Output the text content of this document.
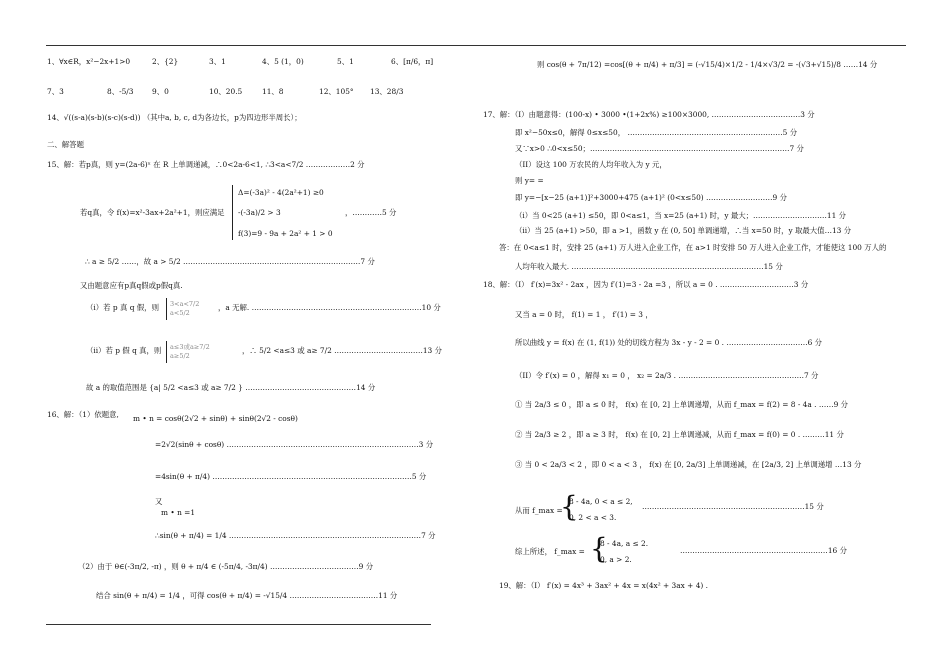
1、∀x∈R，x²−2x+1>0	2、{2}	3、1	4、5 (1，0)	5、1	6、[π/6，π]
7、3	8、-5/3	9、0	10、20.5	11、8	12、105° 13、28/3
14、√((s-a)(s-b)(s-c)(s-d)) （其中a, b, c, d为各边长，p为四边形半周长）；
二、解答题
15、解：若p真，则 y=(2a-6)ˣ 在 R 上单调递减，∴0<2a-6<1, ∴3<a<7/2 ………………2 分
若q真，令 f(x)=x²-3ax+2a²+1，则应满足
Δ=(-3a)² - 4(2a²+1) ≥0
-(-3a)/2 > 3
f(3)=9 - 9a + 2a² + 1 > 0
，…………5 分
∴ a ≥ 5/2 ……，故 a > 5/2 ………………………………………………………………7 分
又由题意应有p真q假或p假q真.
（i）若 p 真 q 假，则 3<a<7/2
a<5/2
，a 无解. ……………………………………………………………10 分
（ii）若 p 假 q 真，则 a≤3或a≥7/2
a≥5/2
，∴ 5/2 <a≤3 或 a≥ 7/2 ………………………………13 分
故 a 的取值范围是 {a| 5/2 <a≤3 或 a≥ 7/2 } ………………………………………14 分
16、解：（1）依题意, m • n = cosθ(2√2 + sinθ) + sinθ(2√2 - cosθ)
=2√2(sinθ + cosθ) ……………………………………………………………………3 分
=4sin(θ + π/4) ………………………………………………………………………5 分
又
m • n =1
∴sin(θ + π/4) = 1/4 ……………………………………………………………………7 分
（2）由于 θ∈(-3π/2, -π) ，则 θ + π/4 ∈ (-5π/4, -3π/4) ………………………………9 分
结合 sin(θ + π/4) = 1/4 ，可得 cos(θ + π/4) = -√15/4 ………………………………11 分
则 cos(θ + 7π/12) =cos[(θ + π/4) + π/3] = (-√15/4)×1/2 - 1/4×√3/2 = -(√3+√15)/8 ……14 分
17、解：（I）由题意得：(100-x) • 3000 •(1+2x%) ≥100×3000, ………………………………3 分
即 x²−50x≤0，解得 0≤x≤50， ………………………………………………………5 分
又∵x>0 ∴0<x≤50；………………………………………………………………………7 分
（II）设这 100 万农民的人均年收入为 y 元，
则 y= =
即 y=−[x−25 (a+1)]²+3000+475 (a+1)² (0<x≤50) ………………………9 分
（i）当 0<25 (a+1) ≤50，即 0<a≤1，当 x=25 (a+1) 时，y 最大；…………………………11 分
（ii）当 25 (a+1) >50，即 a >1，函数 y 在 (0, 50] 单调递增，∴当 x=50 时，y 取最大值…13 分
答：在 0<a≤1 时，安排 25 (a+1) 万人进入企业工作，在 a>1 时安排 50 万人进入企业工作，才能使这 100 万人的
人均年收入最大. ……………………………………………………………………15 分
18、解：（I） f′(x)=3x² - 2ax ，因为 f′(1)=3 - 2a =3 ，所以 a = 0 . …………………………3 分
又当 a = 0 时， f(1) = 1 ， f′(1) = 3 ，
所以曲线 y = f(x) 在 (1, f(1)) 处的切线方程为 3x - y - 2 = 0 . ……………………………6 分
（II）令 f′(x) = 0 ，解得 x₁ = 0 ， x₂ = 2a/3 . ……………………………………………7 分
① 当 2a/3 ≤ 0 ，即 a ≤ 0 时， f(x) 在 [0, 2] 上单调递增，从而 f_max = f(2) = 8 - 4a . ……9 分
② 当 2a/3 ≥ 2 ，即 a ≥ 3 时， f(x) 在 [0, 2] 上单调递减，从而 f_max = f(0) = 0 . ………11 分
③ 当 0 < 2a/3 < 2 ，即 0 < a < 3 ， f(x) 在 [0, 2a/3] 上单调递减，在 [2a/3, 2] 上单调递增 …13 分
从而 f_max =
{
8 - 4a, 0 < a ≤ 2,
0, 2 < a < 3.
…………………………………………………………15 分
综上所述， f_max = {
8 - 4a, a ≤ 2.
0, a > 2.
……………………………………………………16 分
19、解：（I） f′(x) = 4x³ + 3ax² + 4x = x(4x² + 3ax + 4) .
